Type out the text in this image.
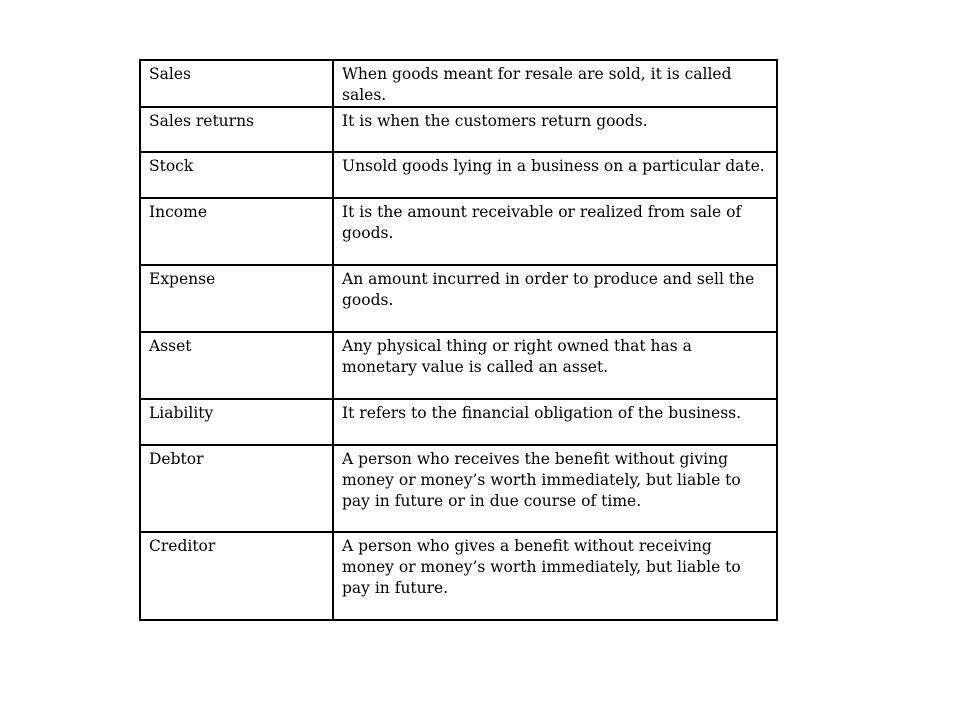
Sales	When goods meant for resale are sold, it is called sales.
Sales returns	It is when the customers return goods.
Stock	Unsold goods lying in a business on a particular date.
Income	It is the amount receivable or realized from sale of goods.
Expense	An amount incurred in order to produce and sell the goods.
Asset	Any physical thing or right owned that has a monetary value is called an asset.
Liability	It refers to the financial obligation of the business.
Debtor	A person who receives the benefit without giving money or money’s worth immediately, but liable to pay in future or in due course of time.
Creditor	A person who gives a benefit without receiving money or money’s worth immediately, but liable to pay in future.
